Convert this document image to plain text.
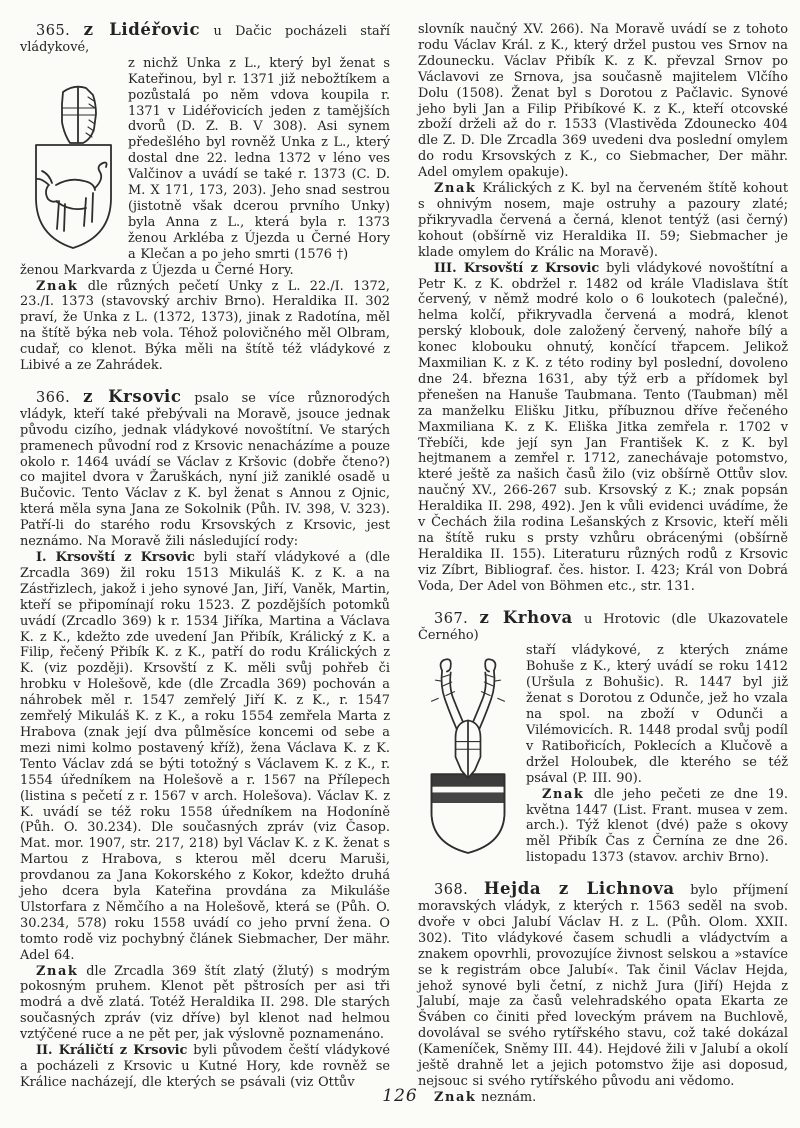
365. z Lidéřovic u Dačic pocházeli staří vládykové,

z nichž Unka z L., který byl ženat s Kateřinou, byl r. 1371 již nebožtíkem a pozůstalá po něm vdova koupila r. 1371 v Lidéřovicích jeden z tamějších dvorů (D. Z. B. V 308). Asi synem předešlého byl rovněž Unka z L., který dostal dne 22. ledna 1372 v léno ves Valčinov a uvádí se také r. 1373 (C. D. M. X 171, 173, 203). Jeho snad sestrou (jistotně však dcerou prvního Unky) byla Anna z L., která byla r. 1373 ženou Arkléba z Újezda u Černé Hory a Klečan a po jeho smrti (1576 †)

ženou Markvarda z Újezda u Černé Hory.

Znak dle různých pečetí Unky z L. 22./I. 1372, 23./I. 1373 (stavovský archiv Brno). Heraldika II. 302 praví, že Unka z L. (1372, 1373), jinak z Radotína, měl na štítě býka neb vola. Téhož polovičného měl Olbram, cudař, co klenot. Býka měli na štítě též vládykové z Libivé a ze Zahrádek.

366. z Krsovic psalo se více různorodých vládyk, kteří také přebývali na Moravě, jsouce jednak původu cizího, jednak vládykové novoštítní. Ve starých pramenech původní rod z Krsovic nenacházíme a pouze okolo r. 1464 uvádí se Václav z Kršovic (dobře čteno?) co majitel dvora v Žaruškách, nyní již zaniklé osadě u Bučovic. Tento Václav z K. byl ženat s Annou z Ojnic, která měla syna Jana ze Sokolnik (Půh. IV. 398, V. 323). Patří-li do starého rodu Krsovských z Krsovic, jest neznámo. Na Moravě žili následující rody:

I. Krsovští z Krsovic byli staří vládykové a (dle Zrcadla 369) žil roku 1513 Mikuláš K. z K. a na Zástřizlech, jakož i jeho synové Jan, Jiří, Vaněk, Martin, kteří se připomínají roku 1523. Z pozdějších potomků uvádí (Zrcadlo 369) k r. 1534 Jiříka, Martina a Václava K. z K., kdežto zde uvedení Jan Přibík, Králický z K. a Filip, řečený Přibík K. z K., patří do rodu Králických z K. (viz později). Krsovští z K. měli svůj pohřeb či hrobku v Holešově, kde (dle Zrcadla 369) pochován a náhrobek měl r. 1547 zemřelý Jiří K. z K., r. 1547 zemřelý Mikuláš K. z K., a roku 1554 zemřela Marta z Hrabova (znak její dva půlměsíce koncemi od sebe a mezi nimi kolmo postavený kříž), žena Václava K. z K. Tento Václav zdá se býti totožný s Václavem K. z K., r. 1554 úředníkem na Holešově a r. 1567 na Přílepech (listina s pečetí z r. 1567 v arch. Holešova). Václav K. z K. uvádí se též roku 1558 úředníkem na Hodoníně (Půh. O. 30.234). Dle současných zpráv (viz Časop. Mat. mor. 1907, str. 217, 218) byl Václav K. z K. ženat s Martou z Hrabova, s kterou měl dceru Maruši, provdanou za Jana Kokorského z Kokor, kdežto druhá jeho dcera byla Kateřina provdána za Mikuláše Ulstorfara z Němčího a na Holešově, která se (Půh. O. 30.234, 578) roku 1558 uvádí co jeho první žena. O tomto rodě viz pochybný článek Siebmacher, Der mähr. Adel 64.

Znak dle Zrcadla 369 štít zlatý (žlutý) s modrým pokosným pruhem. Klenot pět pštrosích per asi tři modrá a dvě zlatá. Totéž Heraldika II. 298. Dle starých současných zpráv (viz dříve) byl klenot nad helmou vztýčené ruce a ne pět per, jak výslovně poznamenáno.

II. Králičtí z Krsovic byli původem čeští vládykové a pocházeli z Krsovic u Kutné Hory, kde rovněž se Králice nacházejí, dle kterých se psávali (viz Ottův

slovník naučný XV. 266). Na Moravě uvádí se z tohoto rodu Václav Král. z K., který držel pustou ves Srnov na Zdounecku. Václav Přibík K. z K. převzal Srnov po Václavovi ze Srnova, jsa současně majitelem Vlčího Dolu (1508). Ženat byl s Dorotou z Pačlavic. Synové jeho byli Jan a Filip Přibíkové K. z K., kteří otcovské zboží drželi až do r. 1533 (Vlastivěda Zdounecko 404 dle Z. D. Dle Zrcadla 369 uvedeni dva poslední omylem do rodu Krsovských z K., co Siebmacher, Der mähr. Adel omylem opakuje).

Znak Králických z K. byl na červeném štítě kohout s ohnivým nosem, maje ostruhy a pazoury zlaté; přikryvadla červená a černá, klenot tentýž (asi černý) kohout (obšírně viz Heraldika II. 59; Siebmacher je klade omylem do Králic na Moravě).

III. Krsovští z Krsovic byli vládykové novoštítní a Petr K. z K. obdržel r. 1482 od krále Vladislava štít červený, v němž modré kolo o 6 loukotech (palečné), helma kolčí, přikryvadla červená a modrá, klenot perský klobouk, dole založený červený, nahoře bílý a konec klobouku ohnutý, končící třapcem. Jelikož Maxmilian K. z K. z této rodiny byl poslední, dovoleno dne 24. března 1631, aby týž erb a přídomek byl přenešen na Hanuše Taubmana. Tento (Taubman) měl za manželku Elišku Jitku, příbuznou dříve řečeného Maxmiliana K. z K. Eliška Jitka zemřela r. 1702 v Třebíči, kde její syn Jan František K. z K. byl hejtmanem a zemřel r. 1712, zanechávaje potomstvo, které ještě za našich časů žilo (viz obšírně Ottův slov. naučný XV., 266-267 sub. Krsovský z K.; znak popsán Heraldika II. 298, 492). Jen k vůli evidenci uvádíme, že v Čechách žila rodina Lešanských z Krsovic, kteří měli na štítě ruku s prsty vzhůru obrácenými (obšírně Heraldika II. 155). Literaturu různých rodů z Krsovic viz Zíbrt, Bibliograf. čes. histor. I. 423; Král von Dobrá Voda, Der Adel von Böhmen etc., str. 131.

367. z Krhova u Hrotovic (dle Ukazovatele Černého)

staří vládykové, z kterých známe Bohuše z K., který uvádí se roku 1412 (Uršula z Bohušic). R. 1447 byl již ženat s Dorotou z Odunče, jež ho vzala na spol. na zboží v Odunči a Vilémovicích. R. 1448 prodal svůj podíl v Ratibořicích, Poklecích a Klučově a držel Holoubek, dle kterého se též psával (P. III. 90).

Znak dle jeho pečeti ze dne 19. května 1447 (List. Frant. musea v zem. arch.). Týž klenot (dvé) paže s okovy měl Přibík Čas z Černína ze dne 26. listopadu 1373 (stavov. archiv Brno).

368. Hejda z Lichnova bylo příjmení moravských vládyk, z kterých r. 1563 seděl na svob. dvoře v obci Jalubí Václav H. z L. (Půh. Olom. XXII. 302). Tito vládykové časem schudli a vládyctvím a znakem opovrhli, provozujíce živnost selskou a »stavíce se k registrám obce Jalubí«. Tak činil Václav Hejda, jehož synové byli četní, z nichž Jura (Jiří) Hejda z Jalubí, maje za časů velehradského opata Ekarta ze Šváben co činiti před loveckým právem na Buchlově, dovolával se svého rytířského stavu, což také dokázal (Kameníček, Sněmy III. 44). Hejdové žili v Jalubí a okolí ještě drahně let a jejich potomstvo žije asi doposud, nejsouc si svého rytířského původu ani vědomo.

Znak neznám.

126
